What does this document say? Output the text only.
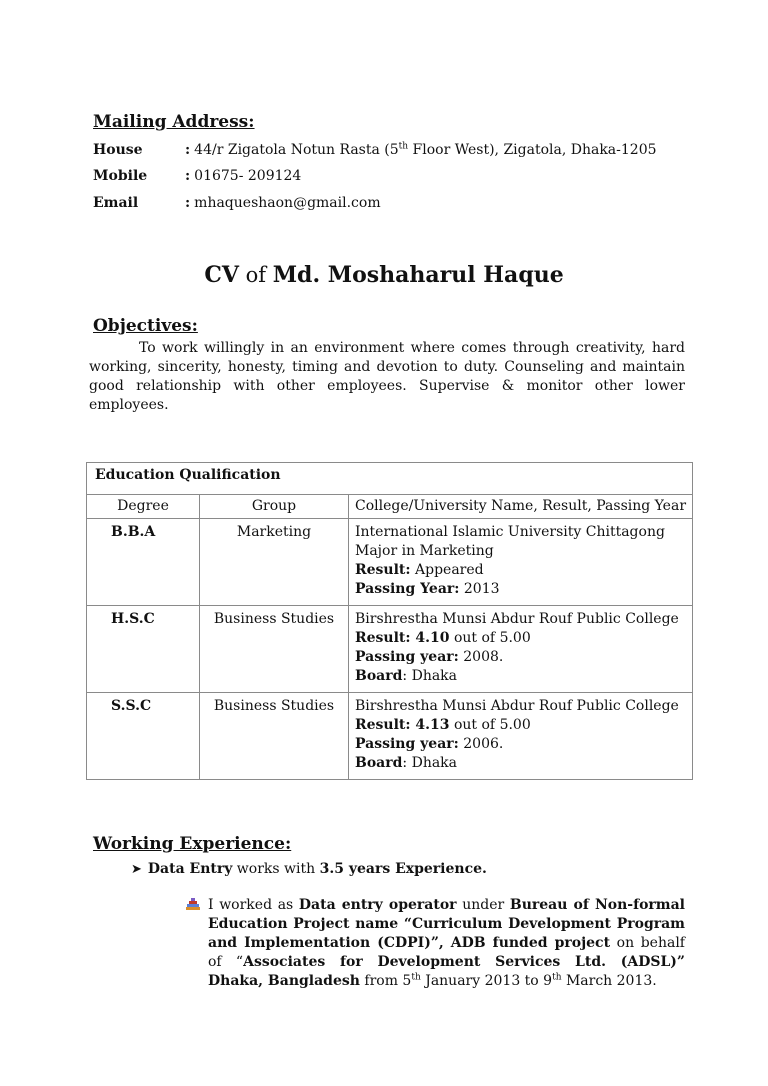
Mailing Address:
House	: 44/r Zigatola Notun Rasta (5th Floor West), Zigatola, Dhaka-1205
Mobile	: 01675- 209124
Email	: mhaqueshaon@gmail.com
CV of Md. Moshaharul Haque
Objectives:
To work willingly in an environment where comes through creativity, hard working, sincerity, honesty, timing and devotion to duty. Counseling and maintain good relationship with other employees. Supervise & monitor other lower employees.
Education Qualification		
Degree	Group	College/University Name, Result, Passing Year
B.B.A	Marketing	International Islamic University Chittagong
Major in Marketing
Result: Appeared
Passing Year: 2013

H.S.C	Business Studies	Birshrestha Munsi Abdur Rouf Public College
Result: 4.10 out of 5.00
Passing year: 2008.
Board: Dhaka

S.S.C	Business Studies	Birshrestha Munsi Abdur Rouf Public College
Result: 4.13 out of 5.00
Passing year: 2006.
Board: Dhaka
Working Experience:
➤ Data Entry works with 3.5 years Experience.
I worked as Data entry operator under Bureau of Non-formal Education Project name “Curriculum Development Program and Implementation (CDPI)”, ADB funded project on behalf of “Associates for Development Services Ltd. (ADSL)” Dhaka, Bangladesh from 5th January 2013 to 9th March 2013.
